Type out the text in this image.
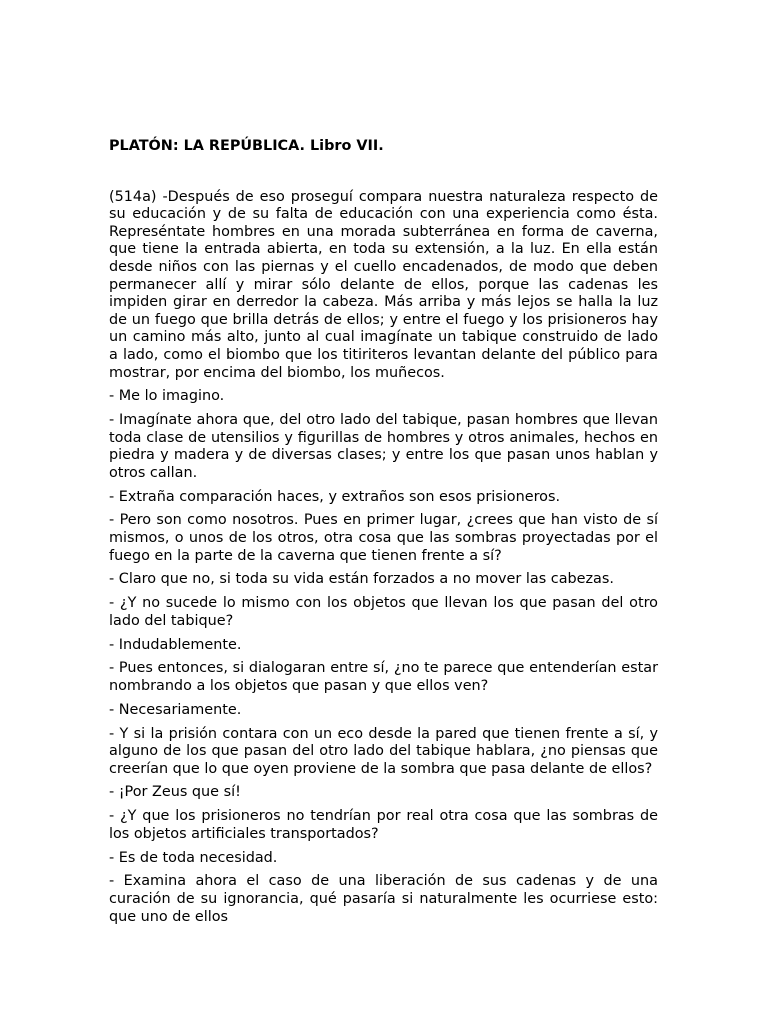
PLATÓN: LA REPÚBLICA. Libro VII.

(514a) -Después de eso proseguí compara nuestra naturaleza respecto de su educación y de su falta de educación con una experiencia como ésta. Represéntate hombres en una morada subterránea en forma de caverna, que tiene la entrada abierta, en toda su extensión, a la luz. En ella están desde niños con las piernas y el cuello encadenados, de modo que deben permanecer allí y mirar sólo delante de ellos, porque las cadenas les impiden girar en derredor la cabeza. Más arriba y más lejos se halla la luz de un fuego que brilla detrás de ellos; y entre el fuego y los prisioneros hay un camino más alto, junto al cual imagínate un tabique construido de lado a lado, como el biombo que los titiriteros levantan delante del público para mostrar, por encima del biombo, los muñecos.

- Me lo imagino.

- Imagínate ahora que, del otro lado del tabique, pasan hombres que llevan toda clase de utensilios y figurillas de hombres y otros animales, hechos en piedra y madera y de diversas clases; y entre los que pasan unos hablan y otros callan.

- Extraña comparación haces, y extraños son esos prisioneros.

- Pero son como nosotros. Pues en primer lugar, ¿crees que han visto de sí mismos, o unos de los otros, otra cosa que las sombras proyectadas por el fuego en la parte de la caverna que tienen frente a sí?

- Claro que no, si toda su vida están forzados a no mover las cabezas.

- ¿Y no sucede lo mismo con los objetos que llevan los que pasan del otro lado del tabique?

- Indudablemente.

- Pues entonces, si dialogaran entre sí, ¿no te parece que entenderían estar nombrando a los objetos que pasan y que ellos ven?

- Necesariamente.

- Y si la prisión contara con un eco desde la pared que tienen frente a sí, y alguno de los que pasan del otro lado del tabique hablara, ¿no piensas que creerían que lo que oyen proviene de la sombra que pasa delante de ellos?

- ¡Por Zeus que sí!

- ¿Y que los prisioneros no tendrían por real otra cosa que las sombras de los objetos artificiales transportados?

- Es de toda necesidad.

- Examina ahora el caso de una liberación de sus cadenas y de una curación de su ignorancia, qué pasaría si naturalmente les ocurriese esto: que uno de ellos
